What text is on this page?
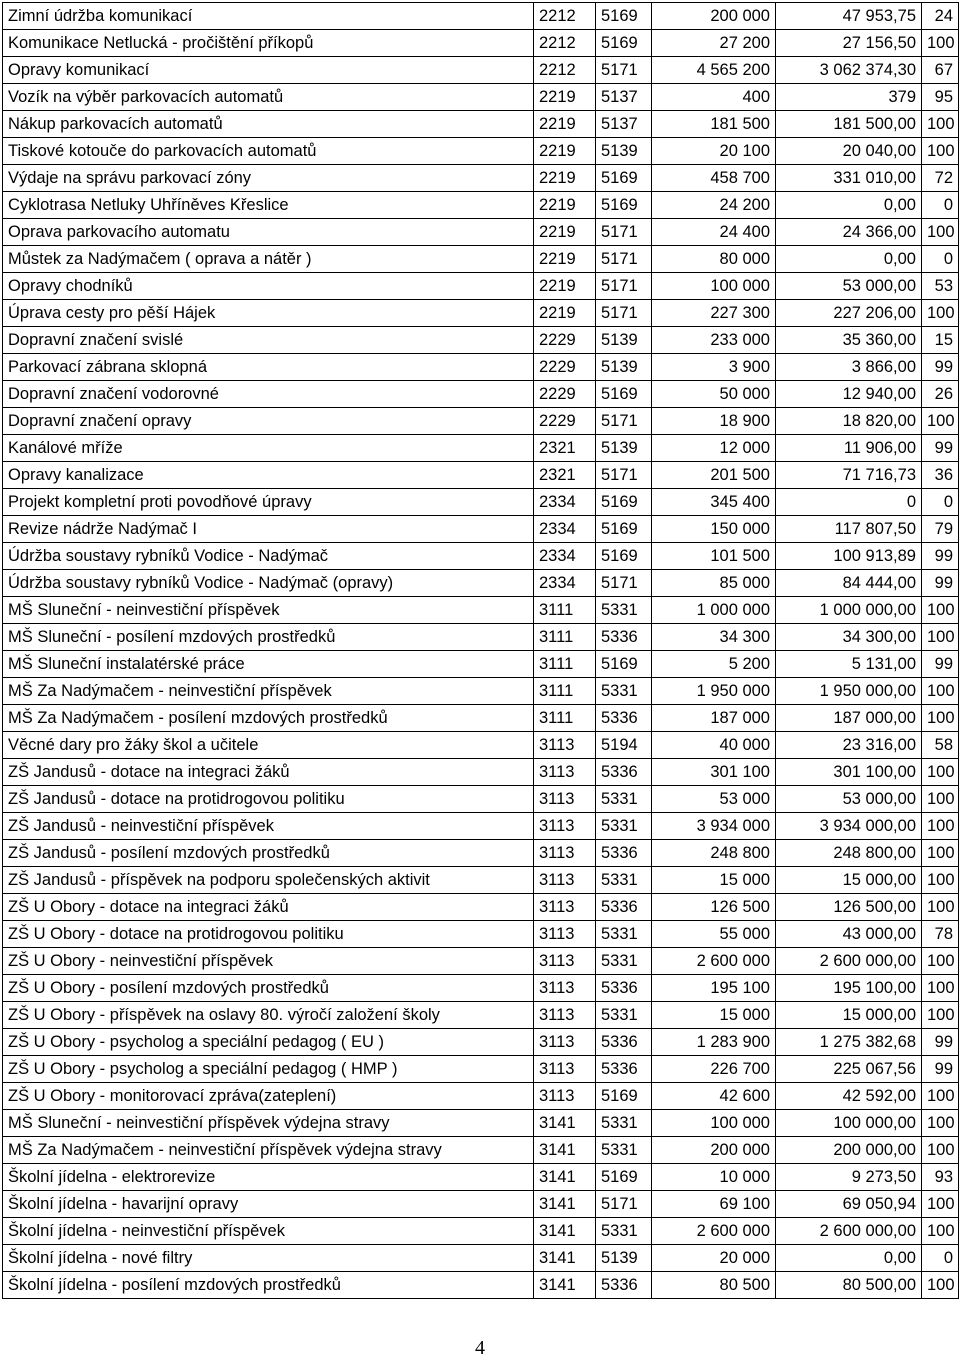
Zimní údržba komunikací	2212	5169	200 000	47 953,75	24
Komunikace Netlucká - pročištění příkopů	2212	5169	27 200	27 156,50	100
Opravy komunikací	2212	5171	4 565 200	3 062 374,30	67
Vozík na výběr parkovacích automatů	2219	5137	400	379	95
Nákup parkovacích automatů	2219	5137	181 500	181 500,00	100
Tiskové kotouče do parkovacích automatů	2219	5139	20 100	20 040,00	100
Výdaje na správu parkovací zóny	2219	5169	458 700	331 010,00	72
Cyklotrasa Netluky Uhříněves Křeslice	2219	5169	24 200	0,00	0
Oprava parkovacího automatu	2219	5171	24 400	24 366,00	100
Můstek za Nadýmačem ( oprava a nátěr )	2219	5171	80 000	0,00	0
Opravy chodníků	2219	5171	100 000	53 000,00	53
Úprava cesty pro pěší Hájek	2219	5171	227 300	227 206,00	100
Dopravní značení svislé	2229	5139	233 000	35 360,00	15
Parkovací zábrana sklopná	2229	5139	3 900	3 866,00	99
Dopravní značení vodorovné	2229	5169	50 000	12 940,00	26
Dopravní značení opravy	2229	5171	18 900	18 820,00	100
Kanálové mříže	2321	5139	12 000	11 906,00	99
Opravy kanalizace	2321	5171	201 500	71 716,73	36
Projekt kompletní proti povodňové úpravy	2334	5169	345 400	0	0
Revize nádrže Nadýmač I	2334	5169	150 000	117 807,50	79
Údržba soustavy rybníků Vodice - Nadýmač	2334	5169	101 500	100 913,89	99
Údržba soustavy rybníků Vodice - Nadýmač (opravy)	2334	5171	85 000	84 444,00	99
MŠ Sluneční - neinvestiční příspěvek	3111	5331	1 000 000	1 000 000,00	100
MŠ Sluneční - posílení mzdových prostředků	3111	5336	34 300	34 300,00	100
MŠ Sluneční instalatérské práce	3111	5169	5 200	5 131,00	99
MŠ Za Nadýmačem - neinvestiční příspěvek	3111	5331	1 950 000	1 950 000,00	100
MŠ Za Nadýmačem - posílení mzdových prostředků	3111	5336	187 000	187 000,00	100
Věcné dary pro žáky škol a učitele	3113	5194	40 000	23 316,00	58
ZŠ Jandusů - dotace na integraci žáků	3113	5336	301 100	301 100,00	100
ZŠ Jandusů - dotace na protidrogovou politiku	3113	5331	53 000	53 000,00	100
ZŠ Jandusů - neinvestiční příspěvek	3113	5331	3 934 000	3 934 000,00	100
ZŠ Jandusů - posílení mzdových prostředků	3113	5336	248 800	248 800,00	100
ZŠ Jandusů - příspěvek na podporu společenských aktivit	3113	5331	15 000	15 000,00	100
ZŠ U Obory - dotace na integraci žáků	3113	5336	126 500	126 500,00	100
ZŠ U Obory - dotace na protidrogovou politiku	3113	5331	55 000	43 000,00	78
ZŠ U Obory - neinvestiční příspěvek	3113	5331	2 600 000	2 600 000,00	100
ZŠ U Obory - posílení mzdových prostředků	3113	5336	195 100	195 100,00	100
ZŠ U Obory - příspěvek na oslavy 80. výročí založení školy	3113	5331	15 000	15 000,00	100
ZŠ U Obory - psycholog a speciální pedagog ( EU )	3113	5336	1 283 900	1 275 382,68	99
ZŠ U Obory - psycholog a speciální pedagog ( HMP )	3113	5336	226 700	225 067,56	99
ZŠ U Obory - monitorovací zpráva(zateplení)	3113	5169	42 600	42 592,00	100
MŠ Sluneční - neinvestiční příspěvek výdejna stravy	3141	5331	100 000	100 000,00	100
MŠ Za Nadýmačem - neinvestiční příspěvek výdejna stravy	3141	5331	200 000	200 000,00	100
Školní jídelna - elektrorevize	3141	5169	10 000	9 273,50	93
Školní jídelna - havarijní opravy	3141	5171	69 100	69 050,94	100
Školní jídelna - neinvestiční příspěvek	3141	5331	2 600 000	2 600 000,00	100
Školní jídelna - nové filtry	3141	5139	20 000	0,00	0
Školní jídelna - posílení mzdových prostředků	3141	5336	80 500	80 500,00	100
4
